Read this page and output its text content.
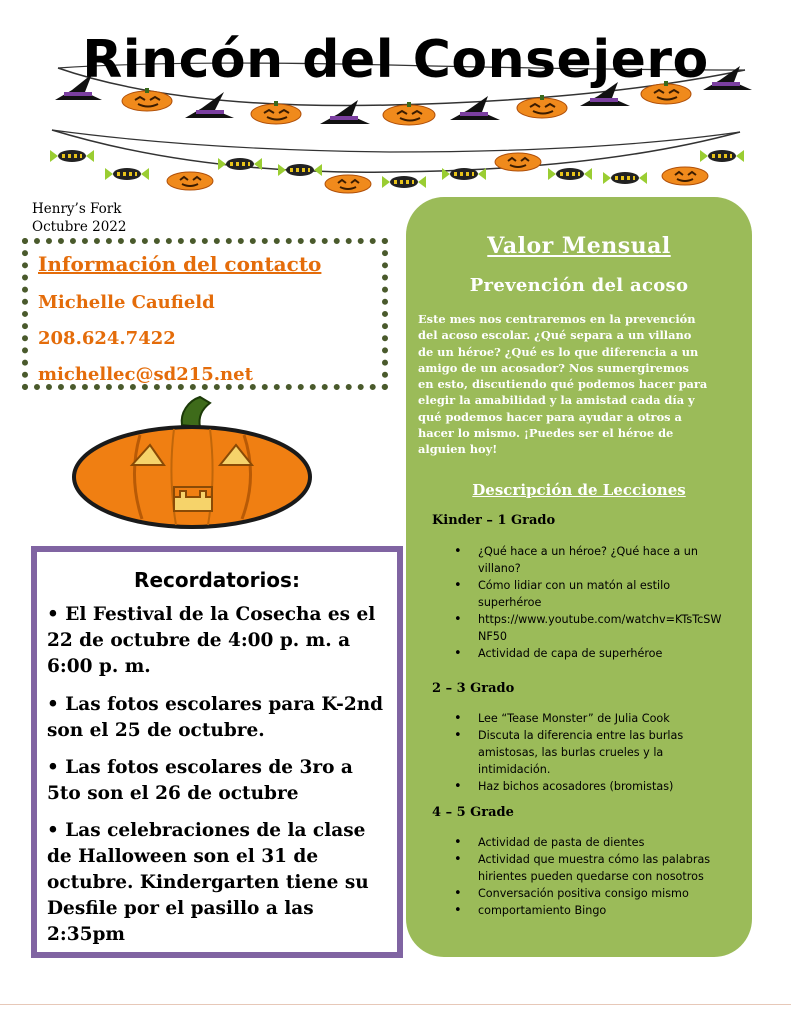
Rincón del Consejero
Henry’s Fork
Octubre 2022
Información del contacto
Michelle Caufield
208.624.7422
michellec@sd215.net
Recordatorios:
• El Festival de la Cosecha es el 22 de octubre de 4:00 p. m. a 6:00 p. m.
• Las fotos escolares para K-2nd son el 25 de octubre.
• Las fotos escolares de 3ro a 5to son el 26 de octubre
• Las celebraciones de la clase de Halloween son el 31 de octubre. Kindergarten tiene su Desfile por el pasillo a las 2:35pm
Valor Mensual
Prevención del acoso
Este mes nos centraremos en la prevención del acoso escolar. ¿Qué separa a un villano de un héroe? ¿Qué es lo que diferencia a un amigo de un acosador? Nos sumergiremos en esto, discutiendo qué podemos hacer para elegir la amabilidad y la amistad cada día y qué podemos hacer para ayudar a otros a hacer lo mismo. ¡Puedes ser el héroe de alguien hoy!
Descripción de Lecciones
Kinder – 1 Grado
• ¿Qué hace a un héroe? ¿Qué hace a un villano?
• Cómo lidiar con un matón al estilo superhéroe
• https://www.youtube.com/watchv=KTsTcSWNF50
• Actividad de capa de superhéroe
2 – 3 Grado
• Lee “Tease Monster” de Julia Cook
• Discuta la diferencia entre las burlas amistosas, las burlas crueles y la intimidación.
• Haz bichos acosadores (bromistas)
4 – 5 Grade
• Actividad de pasta de dientes
• Actividad que muestra cómo las palabras hirientes pueden quedarse con nosotros
• Conversación positiva consigo mismo
• comportamiento Bingo
